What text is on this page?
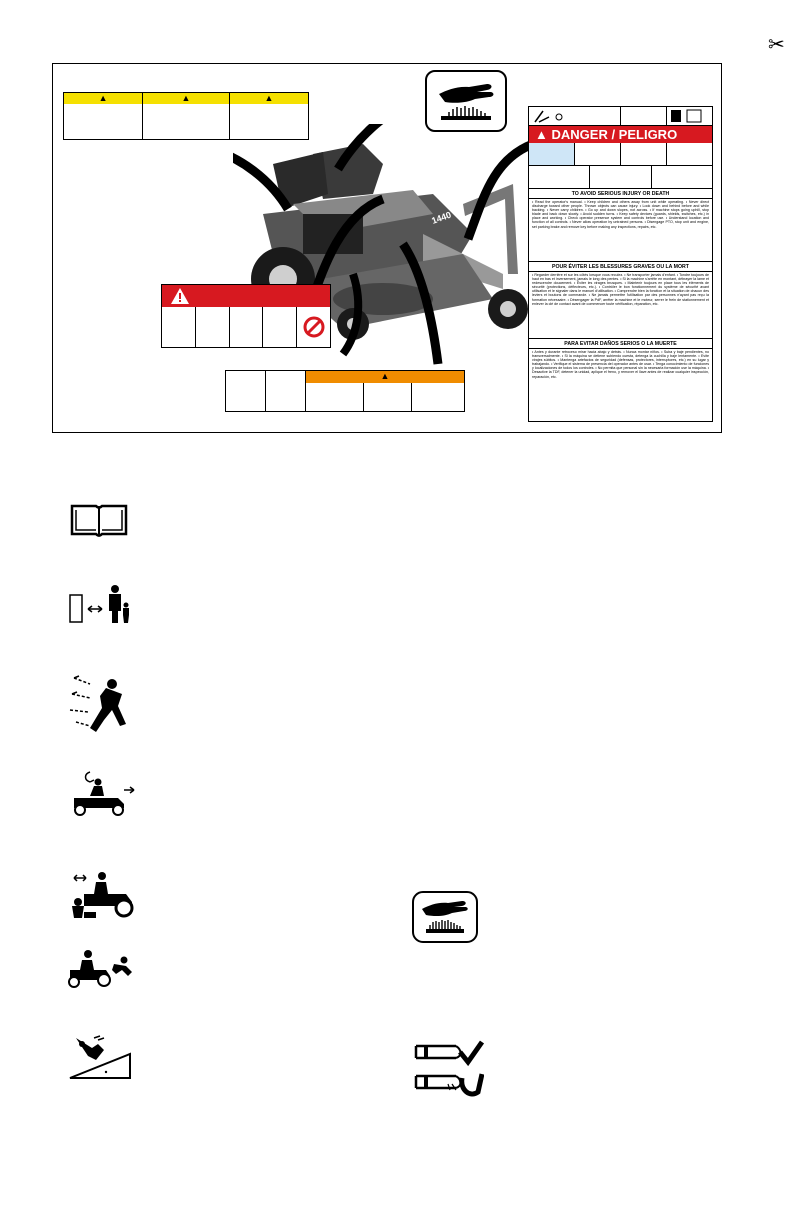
✂
1440
▲	▲	▲
▲ DANGER / PELIGRO
TO AVOID SERIOUS INJURY OR DEATH
• Read the operator's manual. • Keep children and others away from unit while operating. • Never direct discharge toward other people. Thrown objects can cause injury. • Look down and behind before and while backing. • Never carry children. • Go up and down slopes, not across. • If machine stops going uphill, stop blade and back down slowly. • Avoid sudden turns. • Keep safety devices (guards, shields, switches, etc.) in place and working. • Check operator presence system and controls before use. • Understand location and function of all controls. • Never allow operation by untrained persons. • Disengage PTO, stop unit and engine, set parking brake and remove key before making any inspections, repairs, etc.
POUR ÉVITER LES BLESSURES GRAVES OU LA MORT
• Regarder derrière et sur les côtés lorsque vous reculez. • Ne transporter jamais d'enfant. • Tondre toujours de haut en bas et inversement, jamais le long des pentes. • Si la machine s'arrête en montant, débrayer la lame et redescendre doucement. • Éviter les virages brusques. • Maintenir toujours en place tous les éléments de sécurité (protections, déflecteurs, etc.). • Contrôler le bon fonctionnement du système de sécurité avant utilisation et le signaler dans le manuel d'utilisation. • Comprendre bien la fonction et la situation de chacun des leviers et boutons de commande. • Ne jamais permettre l'utilisation par des personnes n'ayant pas reçu la formation nécessaire. • Désengager la PdF, arrêter la machine et le moteur, serrer le frein de stationnement et enlever la clé de contact avant de commencer toute vérification, réparation, etc.
PARA EVITAR DAÑOS SERIOS O LA MUERTE
• Antes y durante retroceso mirar hacia abajo y detrás. • Nunca montar niños. • Suba y baje pendientes, no transversalmente. • Si la máquina se detiene subiendo cuesta, detenga la cuchilla y baje lentamente. • Evite virajes súbitos. • Mantenga artefactos de seguridad (defensas, protectores, interruptores, etc.) en su lugar y trabajando. • Verifique el sistema de presencia del operador antes de usar. • Tenga conocimiento de funciones y localizaciones de todos los controles. • No permita que personal sin la necesaria formación use la máquina. • Desactive la TDF, detener la unidad, aplique el freno, y remover el llave antes de realizar cualquier inspección, reparación, etc.
▲
